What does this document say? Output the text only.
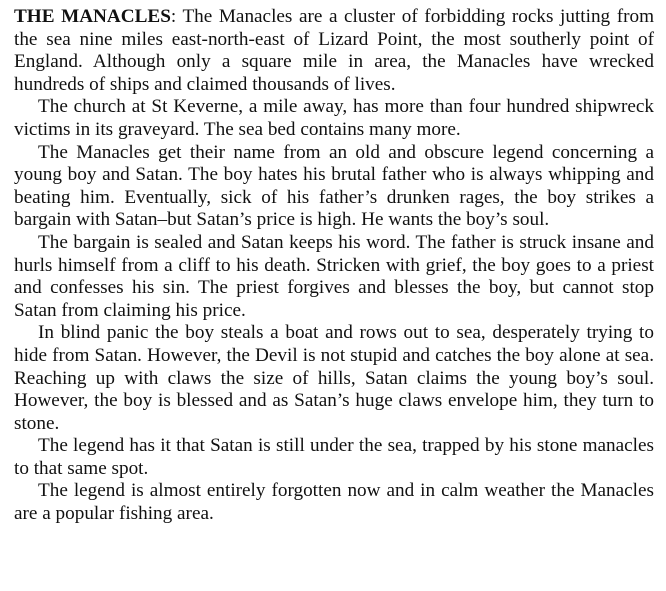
THE MANACLES: The Manacles are a cluster of forbidding rocks jutting from the sea nine miles east-north-east of Lizard Point, the most southerly point of England. Although only a square mile in area, the Manacles have wrecked hundreds of ships and claimed thousands of lives.

The church at St Keverne, a mile away, has more than four hundred shipwreck victims in its graveyard. The sea bed contains many more.

The Manacles get their name from an old and obscure legend concerning a young boy and Satan. The boy hates his brutal father who is always whipping and beating him. Eventually, sick of his father’s drunken rages, the boy strikes a bargain with Satan–but Satan’s price is high. He wants the boy’s soul.

The bargain is sealed and Satan keeps his word. The father is struck insane and hurls himself from a cliff to his death. Stricken with grief, the boy goes to a priest and confesses his sin. The priest forgives and blesses the boy, but cannot stop Satan from claiming his price.

In blind panic the boy steals a boat and rows out to sea, desperately trying to hide from Satan. However, the Devil is not stupid and catches the boy alone at sea. Reaching up with claws the size of hills, Satan claims the young boy’s soul. However, the boy is blessed and as Satan’s huge claws envelope him, they turn to stone.

The legend has it that Satan is still under the sea, trapped by his stone manacles to that same spot.

The legend is almost entirely forgotten now and in calm weather the Manacles are a popular fishing area.
